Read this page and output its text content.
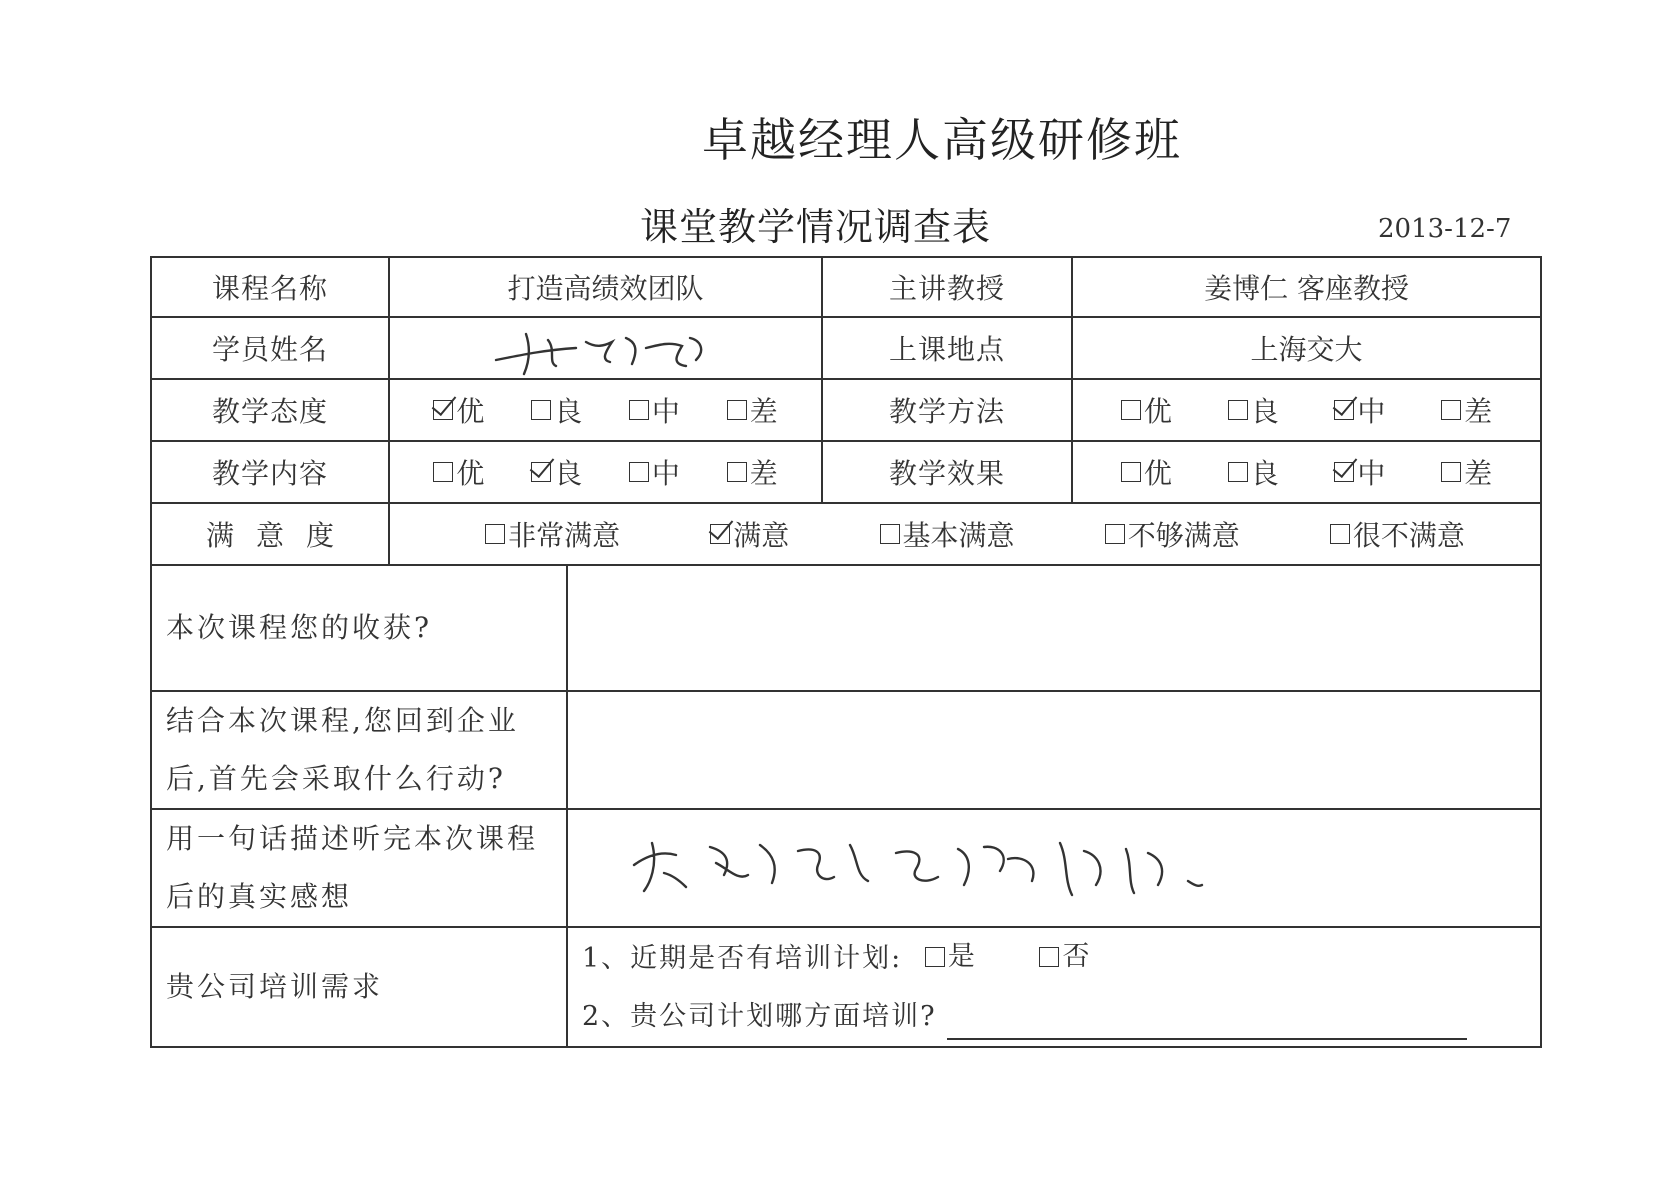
卓越经理人高级研修班
课堂教学情况调查表	2013-12-7
课程名称	打造高绩效团队		主讲教授	姜博仁 客座教授
学员姓名			上课地点	上海交大
教学态度	优 良 中 差		教学方法	优 良 中 差

教学内容	优 良 中 差		教学效果	优 良 中 差

满意度	非常满意 满意 基本满意 不够满意 很不满意			

本次课程您的收获?				

结合本次课程,您回到企业
后,首先会采取什么行动?				

用一句话描述听完本次课程
后的真实感想

贵公司培训需求		1、近期是否有培训计划: 是
否
2、贵公司计划哪方面培训?		
